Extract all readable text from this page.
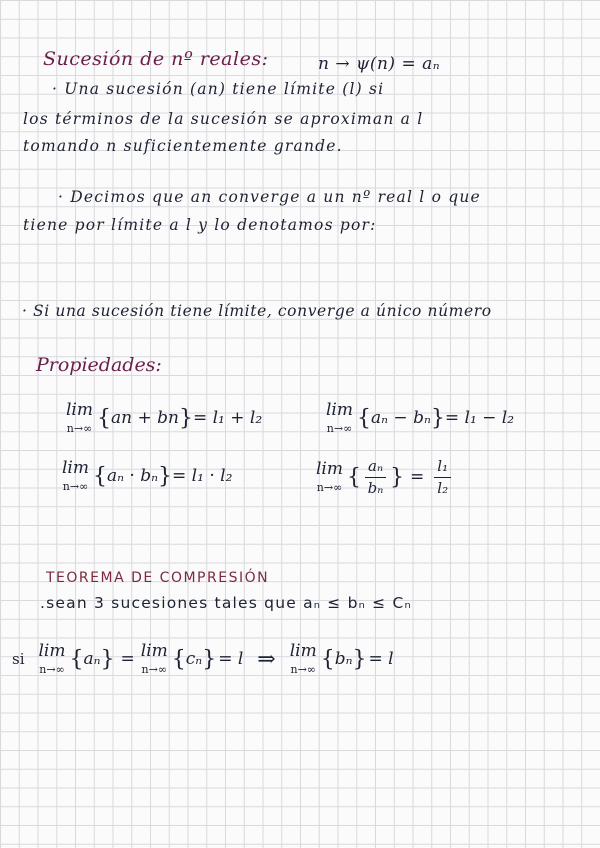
Sucesión de nº reales:	n → ψ(n) = aₙ
· Una sucesión (an) tiene límite (l) si
los términos de la sucesión se aproximan a l
tomando n suficientemente grande.
· Decimos que an converge a un nº real l o que
tiene por límite a l y lo denotamos por:
· Si una sucesión tiene límite, converge a único número
Propiedades:
lim
n→∞ { an + bn } = l₁ + l₂	lim
n→∞ { aₙ − bₙ } = l₁ − l₂
lim
n→∞ { aₙ · bₙ } = l₁ · l₂	lim
n→∞ { $\frac{\text{aₙ}}{\text{bₙ}}$ } = $\frac{\text{l₁}}{\text{l₂}}$
TEOREMA DE COMPRESIÓN
.sean 3 sucesiones tales que aₙ ≤ bₙ ≤ Cₙ
si lim
n→∞ { aₙ } = lim
n→∞ { cₙ } = l ⇒ lim
n→∞ { bₙ } = l
